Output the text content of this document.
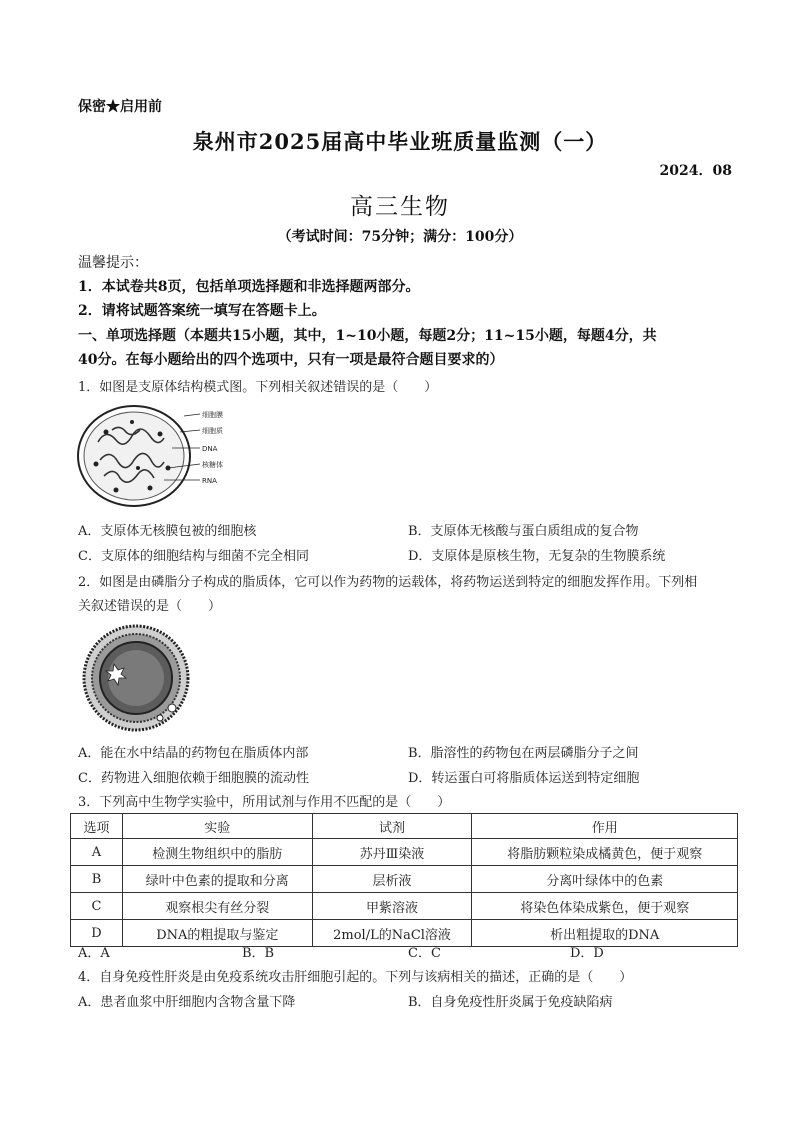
保密★启用前
泉州市2025届高中毕业班质量监测（一）
2024．08
高三生物
（考试时间：75分钟；满分：100分）
温馨提示：
1．本试卷共8页，包括单项选择题和非选择题两部分。
2．请将试题答案统一填写在答题卡上。
一、单项选择题（本题共15小题，其中，1~10小题，每题2分；11~15小题，每题4分，共
40分。在每小题给出的四个选项中，只有一项是最符合题目要求的）
1．如图是支原体结构模式图。下列相关叙述错误的是（　　）
细胞膜
细胞质
DNA
核糖体
RNA
A．支原体无核膜包被的细胞核	B．支原体无核酸与蛋白质组成的复合物
C．支原体的细胞结构与细菌不完全相同	D．支原体是原核生物，无复杂的生物膜系统
2．如图是由磷脂分子构成的脂质体，它可以作为药物的运载体，将药物运送到特定的细胞发挥作用。下列相
关叙述错误的是（　　）
A．能在水中结晶的药物包在脂质体内部	B．脂溶性的药物包在两层磷脂分子之间
C．药物进入细胞依赖于细胞膜的流动性	D．转运蛋白可将脂质体运送到特定细胞
3．下列高中生物学实验中，所用试剂与作用不匹配的是（　　）
选项	实验	试剂	作用
A	检测生物组织中的脂肪	苏丹Ⅲ染液	将脂肪颗粒染成橘黄色，便于观察
B	绿叶中色素的提取和分离	层析液	分离叶绿体中的色素
C	观察根尖有丝分裂	甲紫溶液	将染色体染成紫色，便于观察
D	DNA的粗提取与鉴定	2mol/L的NaCl溶液	析出粗提取的DNA
A．A	B．B	C．C	D．D
4．自身免疫性肝炎是由免疫系统攻击肝细胞引起的。下列与该病相关的描述，正确的是（　　）
A．患者血浆中肝细胞内含物含量下降	B．自身免疫性肝炎属于免疫缺陷病
